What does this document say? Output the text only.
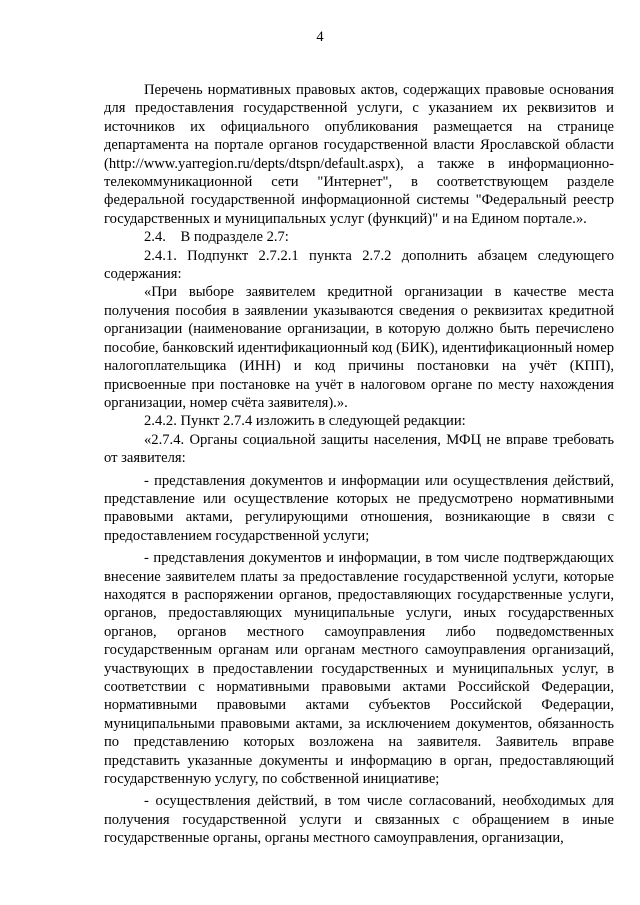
4

Перечень нормативных правовых актов, содержащих правовые основания для предоставления государственной услуги, с указанием их реквизитов и источников их официального опубликования размещается на странице департамента на портале органов государственной власти Ярославской области (http://www.yarregion.ru/depts/dtspn/default.aspx), а также в информационно-телекоммуникационной сети "Интернет", в соответствующем разделе федеральной государственной информационной системы "Федеральный реестр государственных и муниципальных услуг (функций)" и на Едином портале.».

2.4.    В подразделе 2.7:

2.4.1. Подпункт 2.7.2.1 пункта 2.7.2 дополнить абзацем следующего содержания:

«При выборе заявителем кредитной организации в качестве места получения пособия в заявлении указываются сведения о реквизитах кредитной организации (наименование организации, в которую должно быть перечислено пособие, банковский идентификационный код (БИК), идентификационный номер налогоплательщика (ИНН) и код причины постановки на учёт (КПП), присвоенные при постановке на учёт в налоговом органе по месту нахождения организации, номер счёта заявителя).».

2.4.2. Пункт 2.7.4 изложить в следующей редакции:

«2.7.4. Органы социальной защиты населения, МФЦ не вправе требовать от заявителя:

- представления документов и информации или осуществления действий, представление или осуществление которых не предусмотрено нормативными правовыми актами, регулирующими отношения, возникающие в связи с предоставлением государственной услуги;

- представления документов и информации, в том числе подтверждающих внесение заявителем платы за предоставление государственной услуги, которые находятся в распоряжении органов, предоставляющих государственные услуги, органов, предоставляющих муниципальные услуги, иных государственных органов, органов местного самоуправления либо подведомственных государственным органам или органам местного самоуправления организаций, участвующих в предоставлении государственных и муниципальных услуг, в соответствии с нормативными правовыми актами Российской Федерации, нормативными правовыми актами субъектов Российской Федерации, муниципальными правовыми актами, за исключением документов, обязанность по представлению которых возложена на заявителя. Заявитель вправе представить указанные документы и информацию в орган, предоставляющий государственную услугу, по собственной инициативе;

- осуществления действий, в том числе согласований, необходимых для получения государственной услуги и связанных с обращением в иные государственные органы, органы местного самоуправления, организации,
